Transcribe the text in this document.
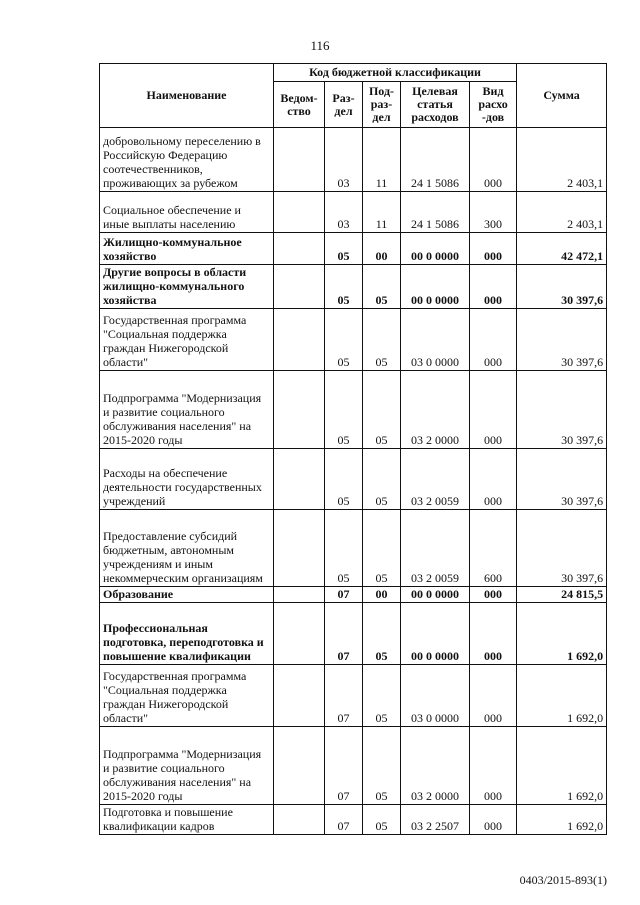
116
Наименование	Код бюджетной классификации					Сумма
	Ведом-ство	Раз-дел	Под-раз-дел	Целевая статья расходов	Вид расхо -дов	
добровольному переселению в Российскую Федерацию соотечественников, проживающих за рубежом		03	11	24 1 5086	000	2 403,1
Социальное обеспечение и иные выплаты населению		03	11	24 1 5086	300	2 403,1
Жилищно-коммунальное хозяйство		05	00	00 0 0000	000	42 472,1
Другие вопросы в области жилищно-коммунального хозяйства		05	05	00 0 0000	000	30 397,6
Государственная программа "Социальная поддержка граждан Нижегородской области"		05	05	03 0 0000	000	30 397,6
Подпрограмма "Модернизация и развитие социального обслуживания населения" на 2015-2020 годы		05	05	03 2 0000	000	30 397,6
Расходы на обеспечение деятельности государственных учреждений		05	05	03 2 0059	000	30 397,6
Предоставление субсидий бюджетным, автономным учреждениям и иным некоммерческим организациям		05	05	03 2 0059	600	30 397,6
Образование		07	00	00 0 0000	000	24 815,5
Профессиональная подготовка, переподготовка и повышение квалификации		07	05	00 0 0000	000	1 692,0
Государственная программа "Социальная поддержка граждан Нижегородской области"		07	05	03 0 0000	000	1 692,0
Подпрограмма "Модернизация и развитие социального обслуживания населения" на 2015-2020 годы		07	05	03 2 0000	000	1 692,0
Подготовка и повышение квалификации кадров		07	05	03 2 2507	000	1 692,0
0403/2015-893(1)
